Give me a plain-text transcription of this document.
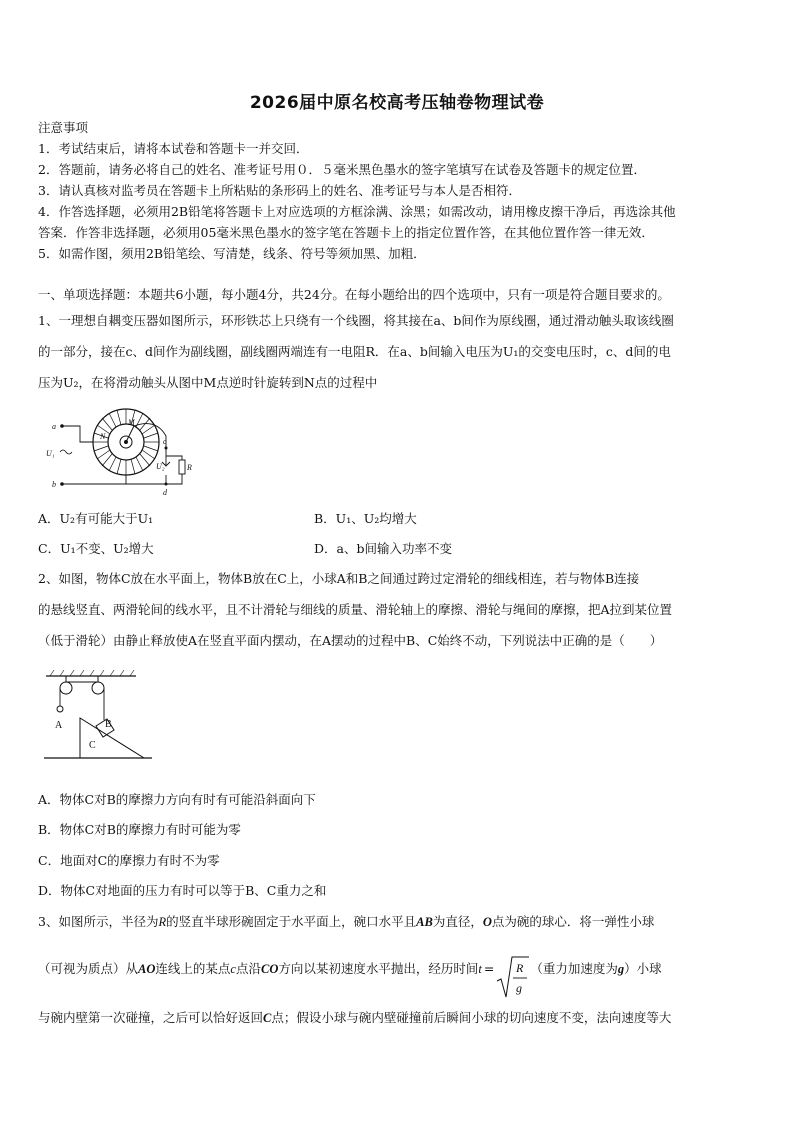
2026届中原名校高考压轴卷物理试卷
注意事项
1．考试结束后，请将本试卷和答题卡一并交回．
2．答题前，请务必将自己的姓名、准考证号用０．５毫米黑色墨水的签字笔填写在试卷及答题卡的规定位置．
3．请认真核对监考员在答题卡上所粘贴的条形码上的姓名、准考证号与本人是否相符．
4．作答选择题，必须用2B铅笔将答题卡上对应选项的方框涂满、涂黑；如需改动，请用橡皮擦干净后，再选涂其他
答案．作答非选择题，必须用05毫米黑色墨水的签字笔在答题卡上的指定位置作答，在其他位置作答一律无效．
5．如需作图，须用2B铅笔绘、写清楚，线条、符号等须加黑、加粗．
一、单项选择题：本题共6小题，每小题4分，共24分。在每小题给出的四个选项中，只有一项是符合题目要求的。
1、一理想自耦变压器如图所示，环形铁芯上只绕有一个线圈，将其接在a、b间作为原线圈，通过滑动触头取该线圈
的一部分，接在c、d间作为副线圈，副线圈两端连有一电阻R．在a、b间输入电压为U₁的交变电压时，c、d间的电
压为U₂，在将滑动触头从图中M点逆时针旋转到N点的过程中
a
b
c
d
M
N
R
U₁
U₂
A．U₂有可能大于U₁	B．U₁、U₂均增大
C．U₁不变、U₂增大	D．a、b间输入功率不变
2、如图，物体C放在水平面上，物体B放在C上，小球A和B之间通过跨过定滑轮的细线相连，若与物体B连接
的悬线竖直、两滑轮间的线水平，且不计滑轮与细线的质量、滑轮轴上的摩擦、滑轮与绳间的摩擦，把A拉到某位置
（低于滑轮）由静止释放使A在竖直平面内摆动，在A摆动的过程中B、C始终不动，下列说法中正确的是（　　）
A	B
C
A．物体C对B的摩擦力方向有时有可能沿斜面向下
B．物体C对B的摩擦力有时可能为零
C．地面对C的摩擦力有时不为零
D．物体C对地面的压力有时可以等于B、C重力之和
3、如图所示，半径为R的竖直半球形碗固定于水平面上，碗口水平且AB为直径，O点为碗的球心．将一弹性小球
（可视为质点）从AO连线上的某点c点沿CO方向以某初速度水平抛出，经历时间t = R
g
（重力加速度为g）小球
与碗内壁第一次碰撞，之后可以恰好返回C点；假设小球与碗内壁碰撞前后瞬间小球的切向速度不变，法向速度等大
